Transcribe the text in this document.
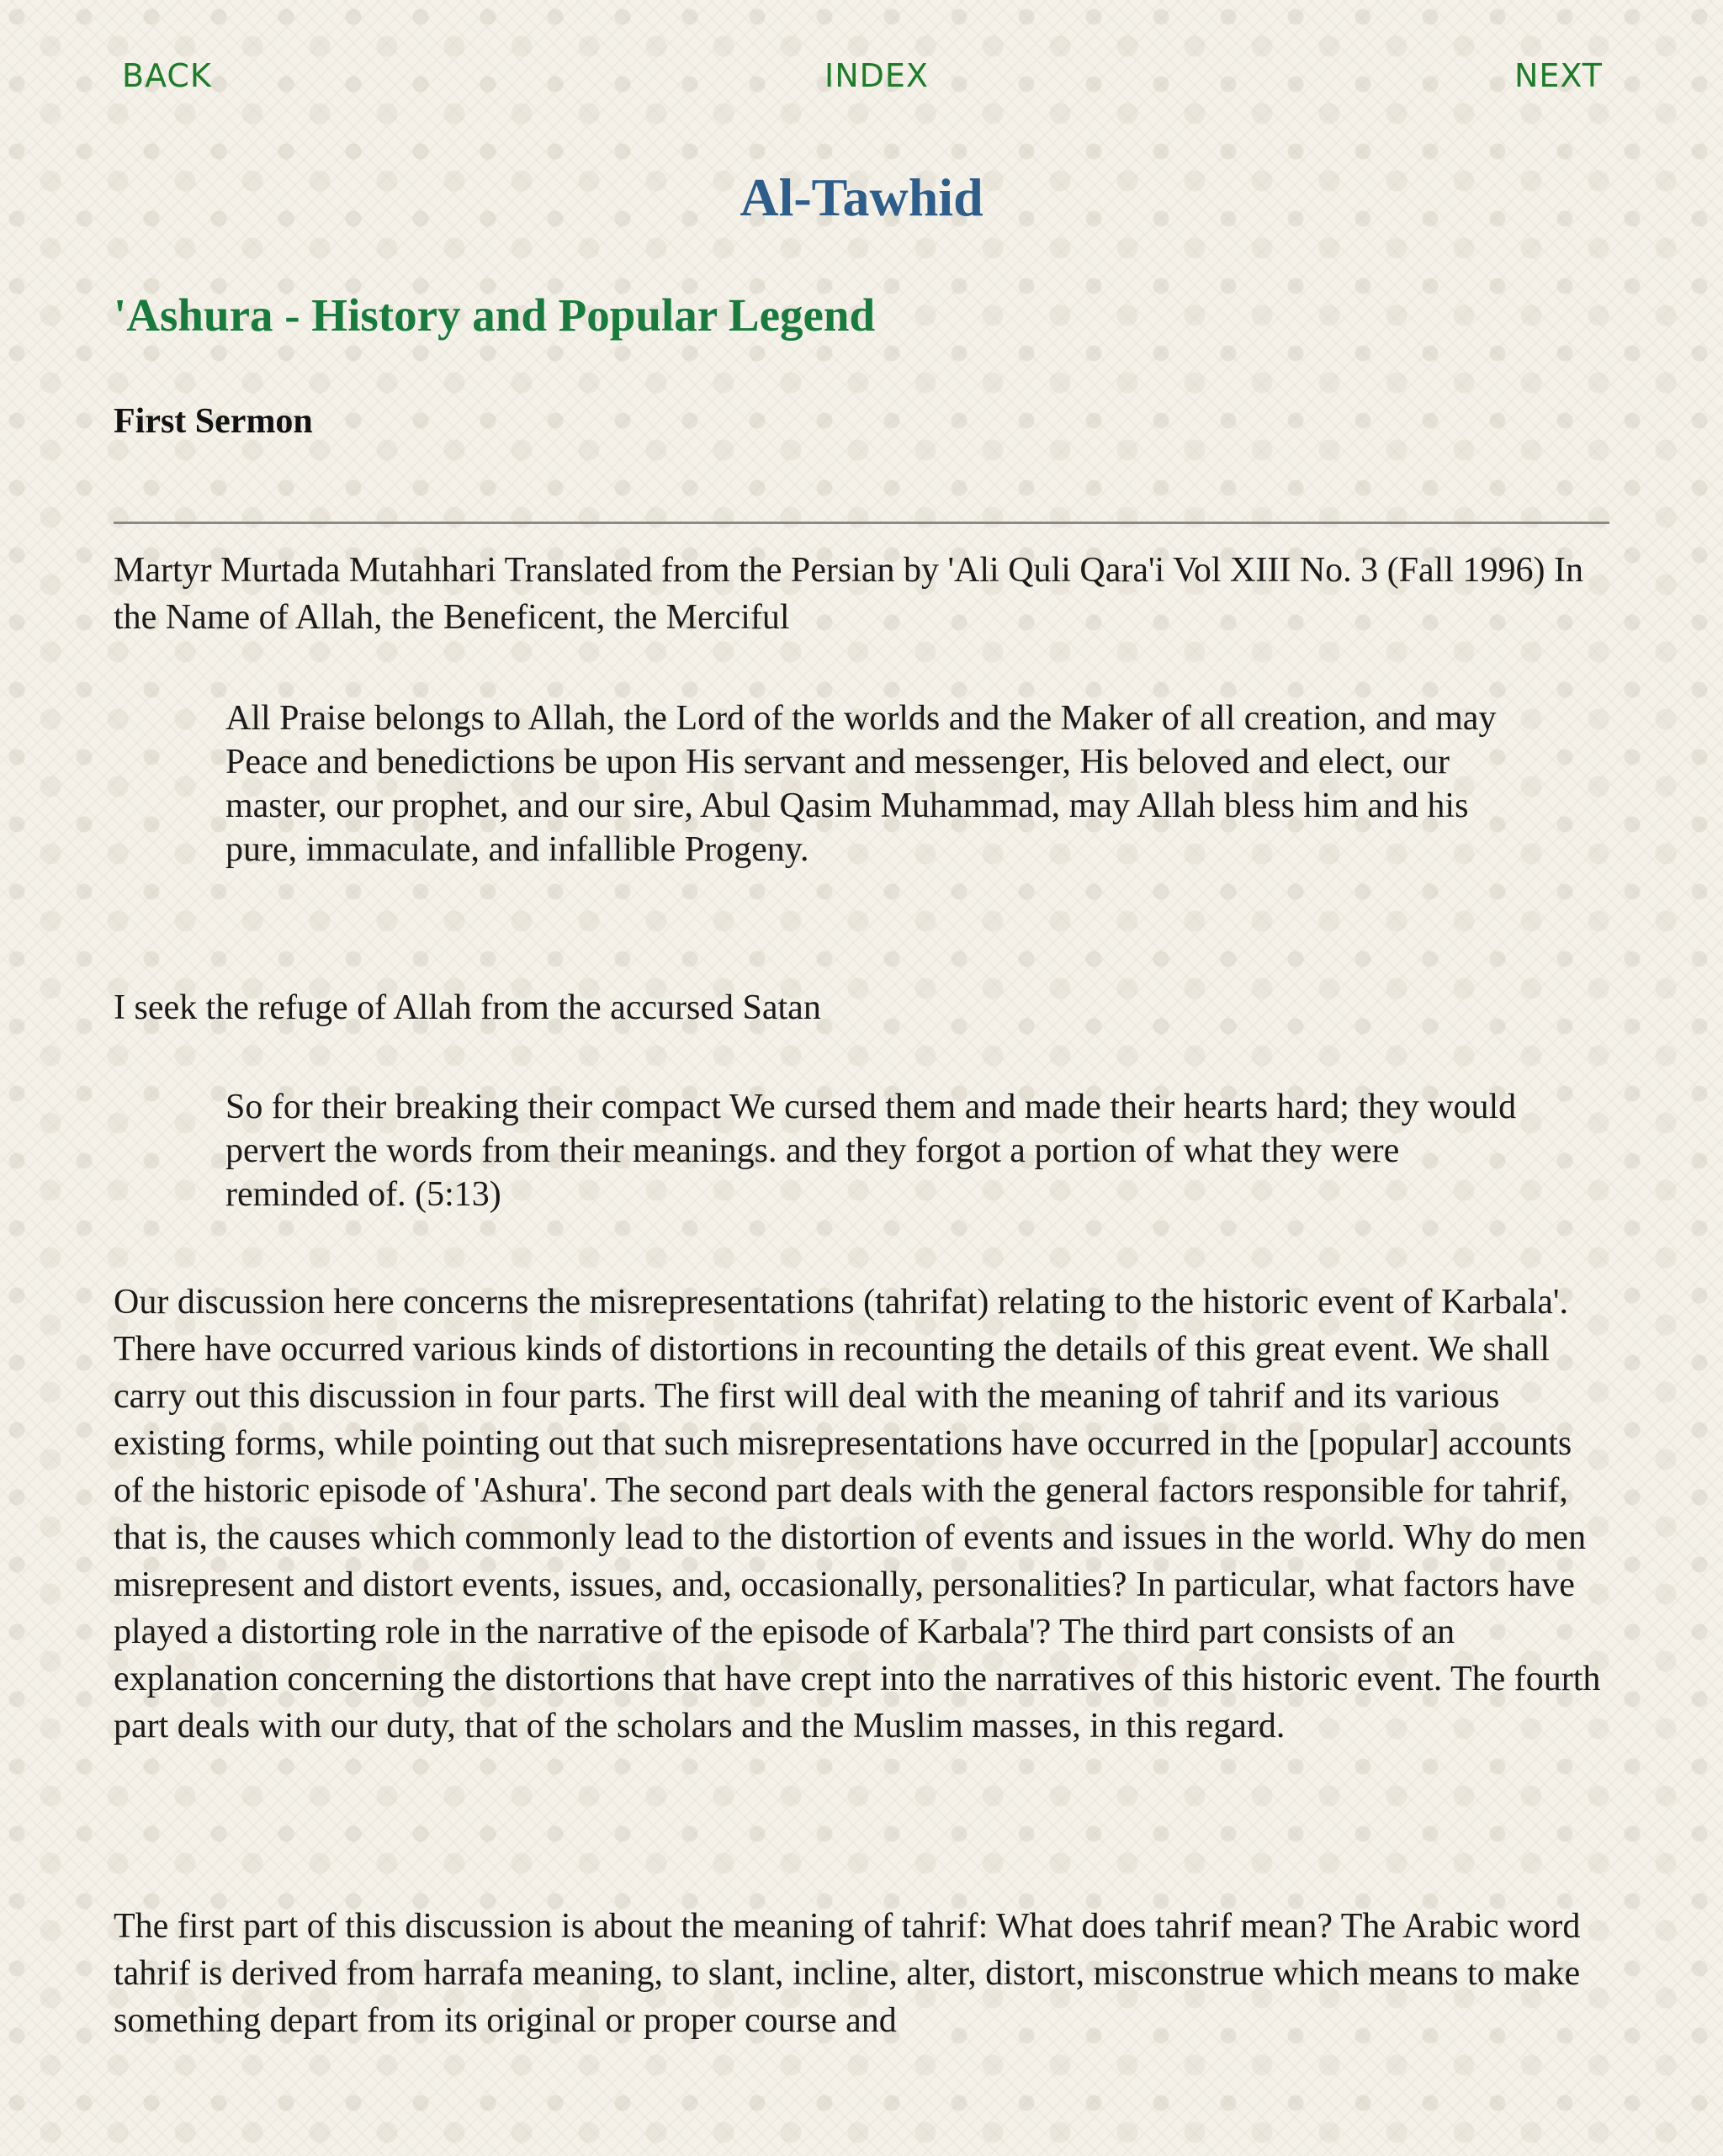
BACK	INDEX	NEXT
Al-Tawhid
'Ashura - History and Popular Legend
First Sermon

Martyr Murtada Mutahhari Translated from the Persian by 'Ali Quli Qara'i Vol XIII No. 3 (Fall 1996) In the Name of Allah, the Beneficent, the Merciful

All Praise belongs to Allah, the Lord of the worlds and the Maker of all creation, and may Peace and benedictions be upon His servant and messenger, His beloved and elect, our master, our prophet, and our sire, Abul Qasim Muhammad, may Allah bless him and his pure, immaculate, and infallible Progeny.

I seek the refuge of Allah from the accursed Satan

So for their breaking their compact We cursed them and made their hearts hard; they would pervert the words from their meanings. and they forgot a portion of what they were reminded of. (5:13)

Our discussion here concerns the misrepresentations (tahrifat) relating to the historic event of Karbala'. There have occurred various kinds of distortions in recounting the details of this great event. We shall carry out this discussion in four parts. The first will deal with the meaning of tahrif and its various existing forms, while pointing out that such misrepresentations have occurred in the [popular] accounts of the historic episode of 'Ashura'. The second part deals with the general factors responsible for tahrif, that is, the causes which commonly lead to the distortion of events and issues in the world. Why do men misrepresent and distort events, issues, and, occasionally, personalities? In particular, what factors have played a distorting role in the narrative of the episode of Karbala'? The third part consists of an explanation concerning the distortions that have crept into the narratives of this historic event. The fourth part deals with our duty, that of the scholars and the Muslim masses, in this regard.

The first part of this discussion is about the meaning of tahrif: What does tahrif mean? The Arabic word tahrif is derived from harrafa meaning, to slant, incline, alter, distort, misconstrue which means to make something depart from its original or proper course and
